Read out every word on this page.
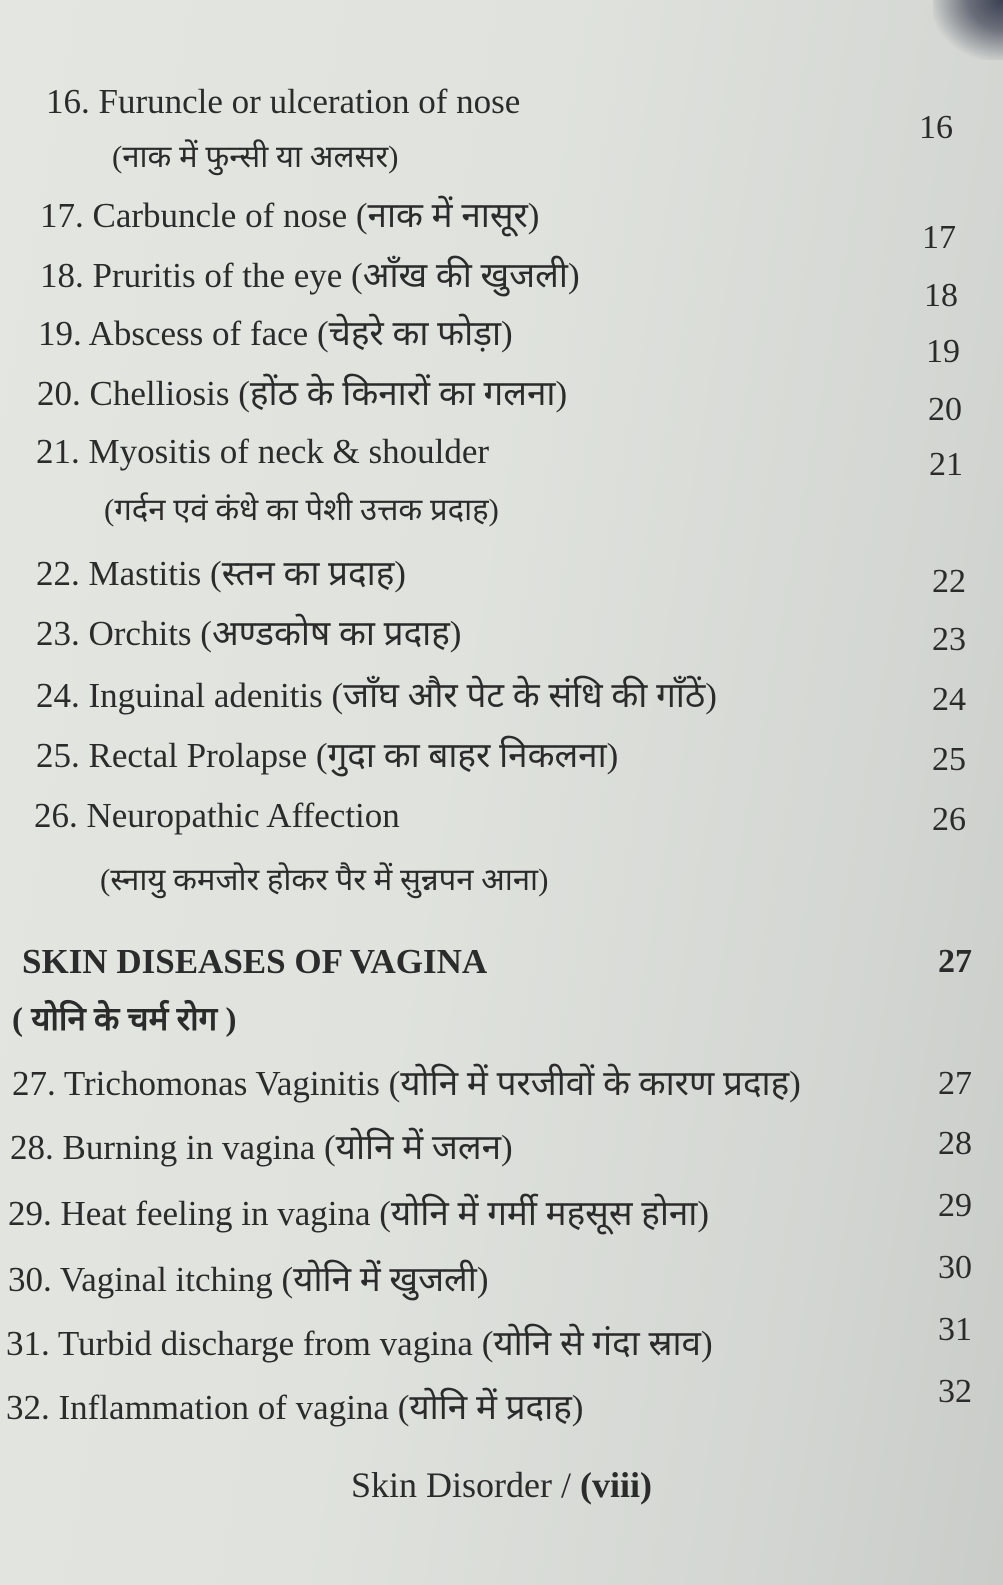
16. Furuncle or ulceration of nose
(नाक में फुन्सी या अलसर)
16
17. Carbuncle of nose (नाक में नासूर)
17
18. Pruritis of the eye (आँख की खुजली)
18
19. Abscess of face (चेहरे का फोड़ा)	19
20. Chelliosis (होंठ के किनारों का गलना)	20
21. Myositis of neck & shoulder
(गर्दन एवं कंधे का पेशी उत्तक प्रदाह)
21
22. Mastitis (स्तन का प्रदाह)	22
23. Orchits (अण्डकोष का प्रदाह)	23
24. Inguinal adenitis (जाँघ और पेट के संधि की गाँठें)	24
25. Rectal Prolapse (गुदा का बाहर निकलना)	25
26. Neuropathic Affection
(स्नायु कमजोर होकर पैर में सुन्नपन आना)
26
SKIN DISEASES OF VAGINA	27
( योनि के चर्म रोग )
27. Trichomonas Vaginitis (योनि में परजीवों के कारण प्रदाह)	27
28. Burning in vagina (योनि में जलन)	28
29. Heat feeling in vagina (योनि में गर्मी महसूस होना)	29
30. Vaginal itching (योनि में खुजली)	30
31. Turbid discharge from vagina (योनि से गंदा स्राव)	31
32. Inflammation of vagina (योनि में प्रदाह)	32
Skin Disorder / (viii)
